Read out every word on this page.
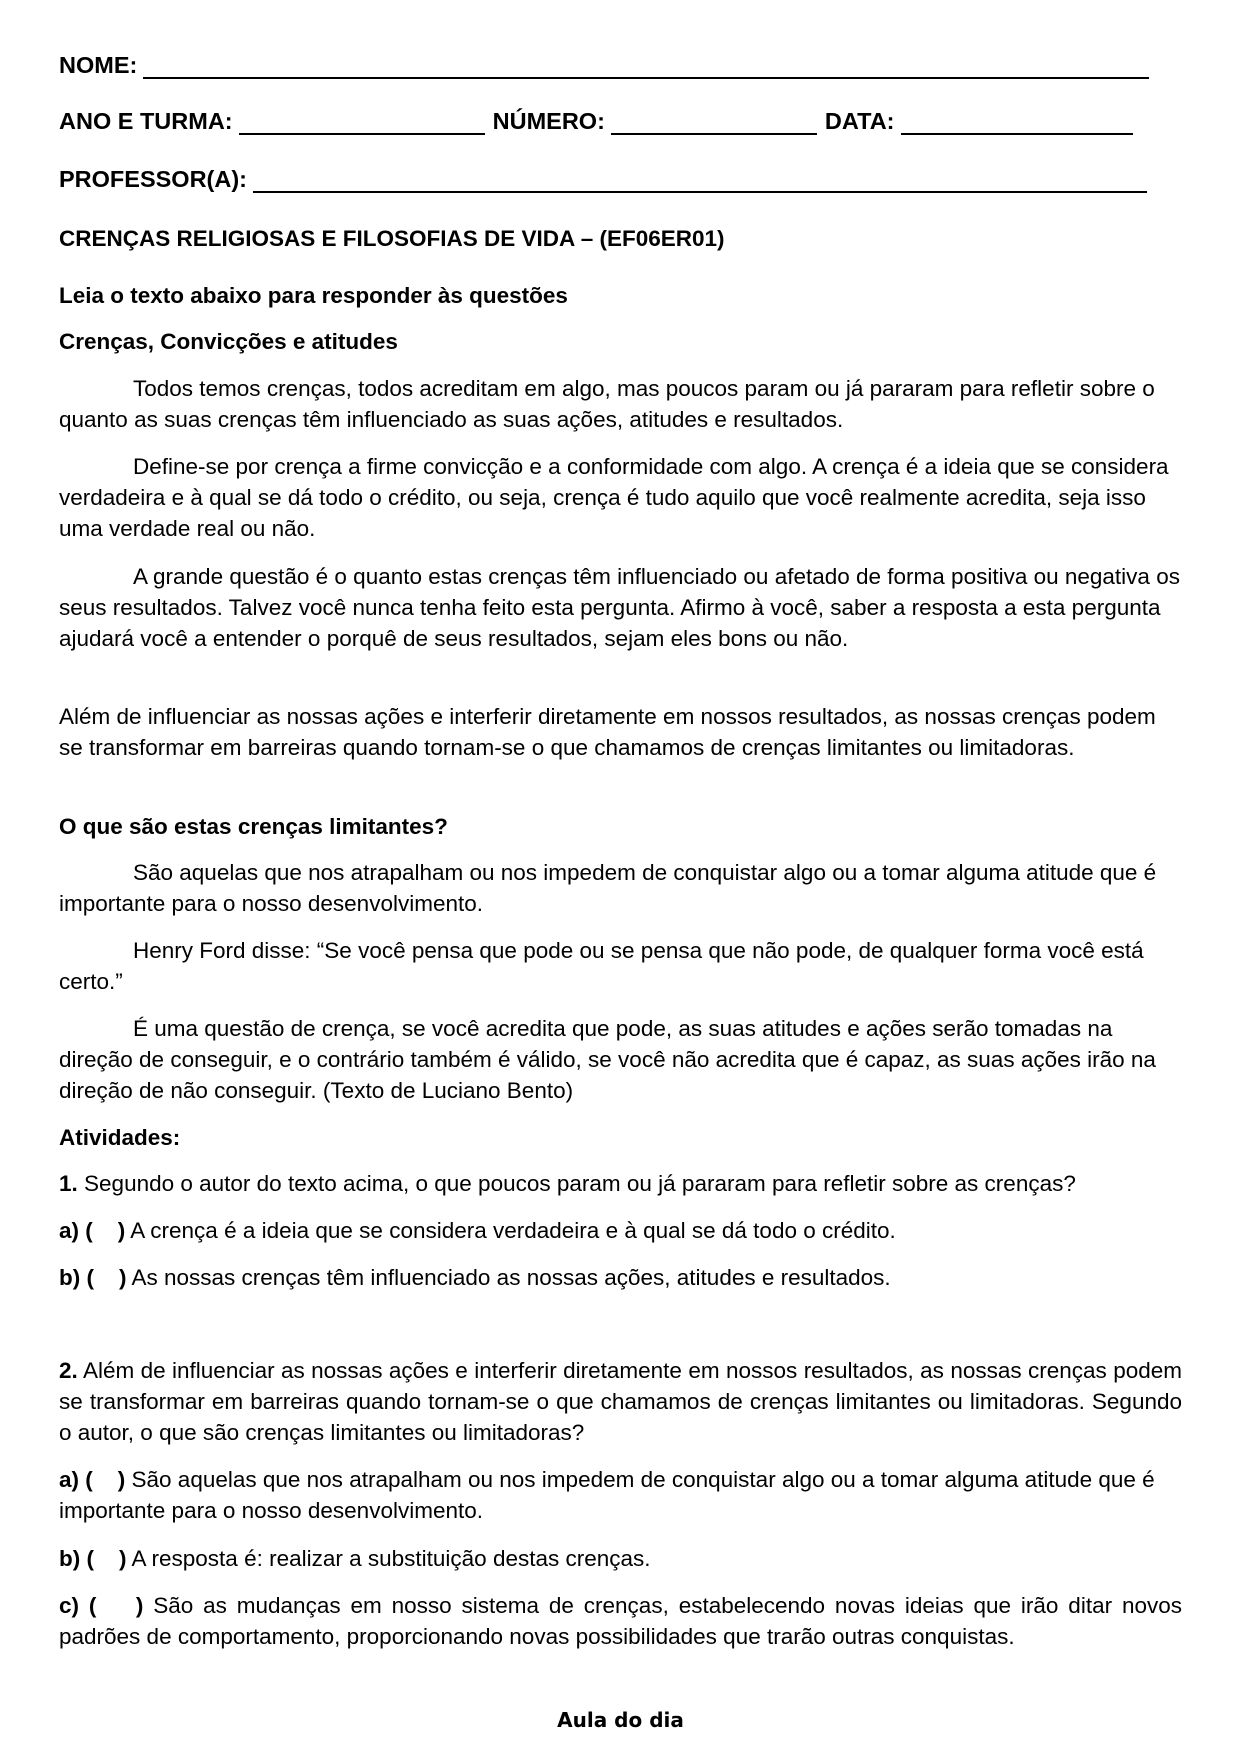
NOME:
ANO E TURMA:	NÚMERO:	DATA:
PROFESSOR(A):
CRENÇAS RELIGIOSAS E FILOSOFIAS DE VIDA – (EF06ER01)
Leia o texto abaixo para responder às questões
Crenças, Convicções e atitudes
Todos temos crenças, todos acreditam em algo, mas poucos param ou já pararam para refletir sobre o quanto as suas crenças têm influenciado as suas ações, atitudes e resultados.
Define-se por crença a firme convicção e a conformidade com algo. A crença é a ideia que se considera verdadeira e à qual se dá todo o crédito, ou seja, crença é tudo aquilo que você realmente acredita, seja isso uma verdade real ou não.
A grande questão é o quanto estas crenças têm influenciado ou afetado de forma positiva ou negativa os seus resultados. Talvez você nunca tenha feito esta pergunta. Afirmo à você, saber a resposta a esta pergunta ajudará você a entender o porquê de seus resultados, sejam eles bons ou não.
Além de influenciar as nossas ações e interferir diretamente em nossos resultados, as nossas crenças podem se transformar em barreiras quando tornam-se o que chamamos de crenças limitantes ou limitadoras.
O que são estas crenças limitantes?
São aquelas que nos atrapalham ou nos impedem de conquistar algo ou a tomar alguma atitude que é importante para o nosso desenvolvimento.
Henry Ford disse: “Se você pensa que pode ou se pensa que não pode, de qualquer forma você está certo.”
É uma questão de crença, se você acredita que pode, as suas atitudes e ações serão tomadas na direção de conseguir, e o contrário também é válido, se você não acredita que é capaz, as suas ações irão na direção de não conseguir. (Texto de Luciano Bento)
Atividades:
1. Segundo o autor do texto acima, o que poucos param ou já pararam para refletir sobre as crenças?
a) (    ) A crença é a ideia que se considera verdadeira e à qual se dá todo o crédito.
b) (    ) As nossas crenças têm influenciado as nossas ações, atitudes e resultados.
2. Além de influenciar as nossas ações e interferir diretamente em nossos resultados, as nossas crenças podem se transformar em barreiras quando tornam-se o que chamamos de crenças limitantes ou limitadoras. Segundo o autor, o que são crenças limitantes ou limitadoras?
a) (    ) São aquelas que nos atrapalham ou nos impedem de conquistar algo ou a tomar alguma atitude que é importante para o nosso desenvolvimento.
b) (    ) A resposta é: realizar a substituição destas crenças.
c) (    ) São as mudanças em nosso sistema de crenças, estabelecendo novas ideias que irão ditar novos padrões de comportamento, proporcionando novas possibilidades que trarão outras conquistas.
Aula do dia
